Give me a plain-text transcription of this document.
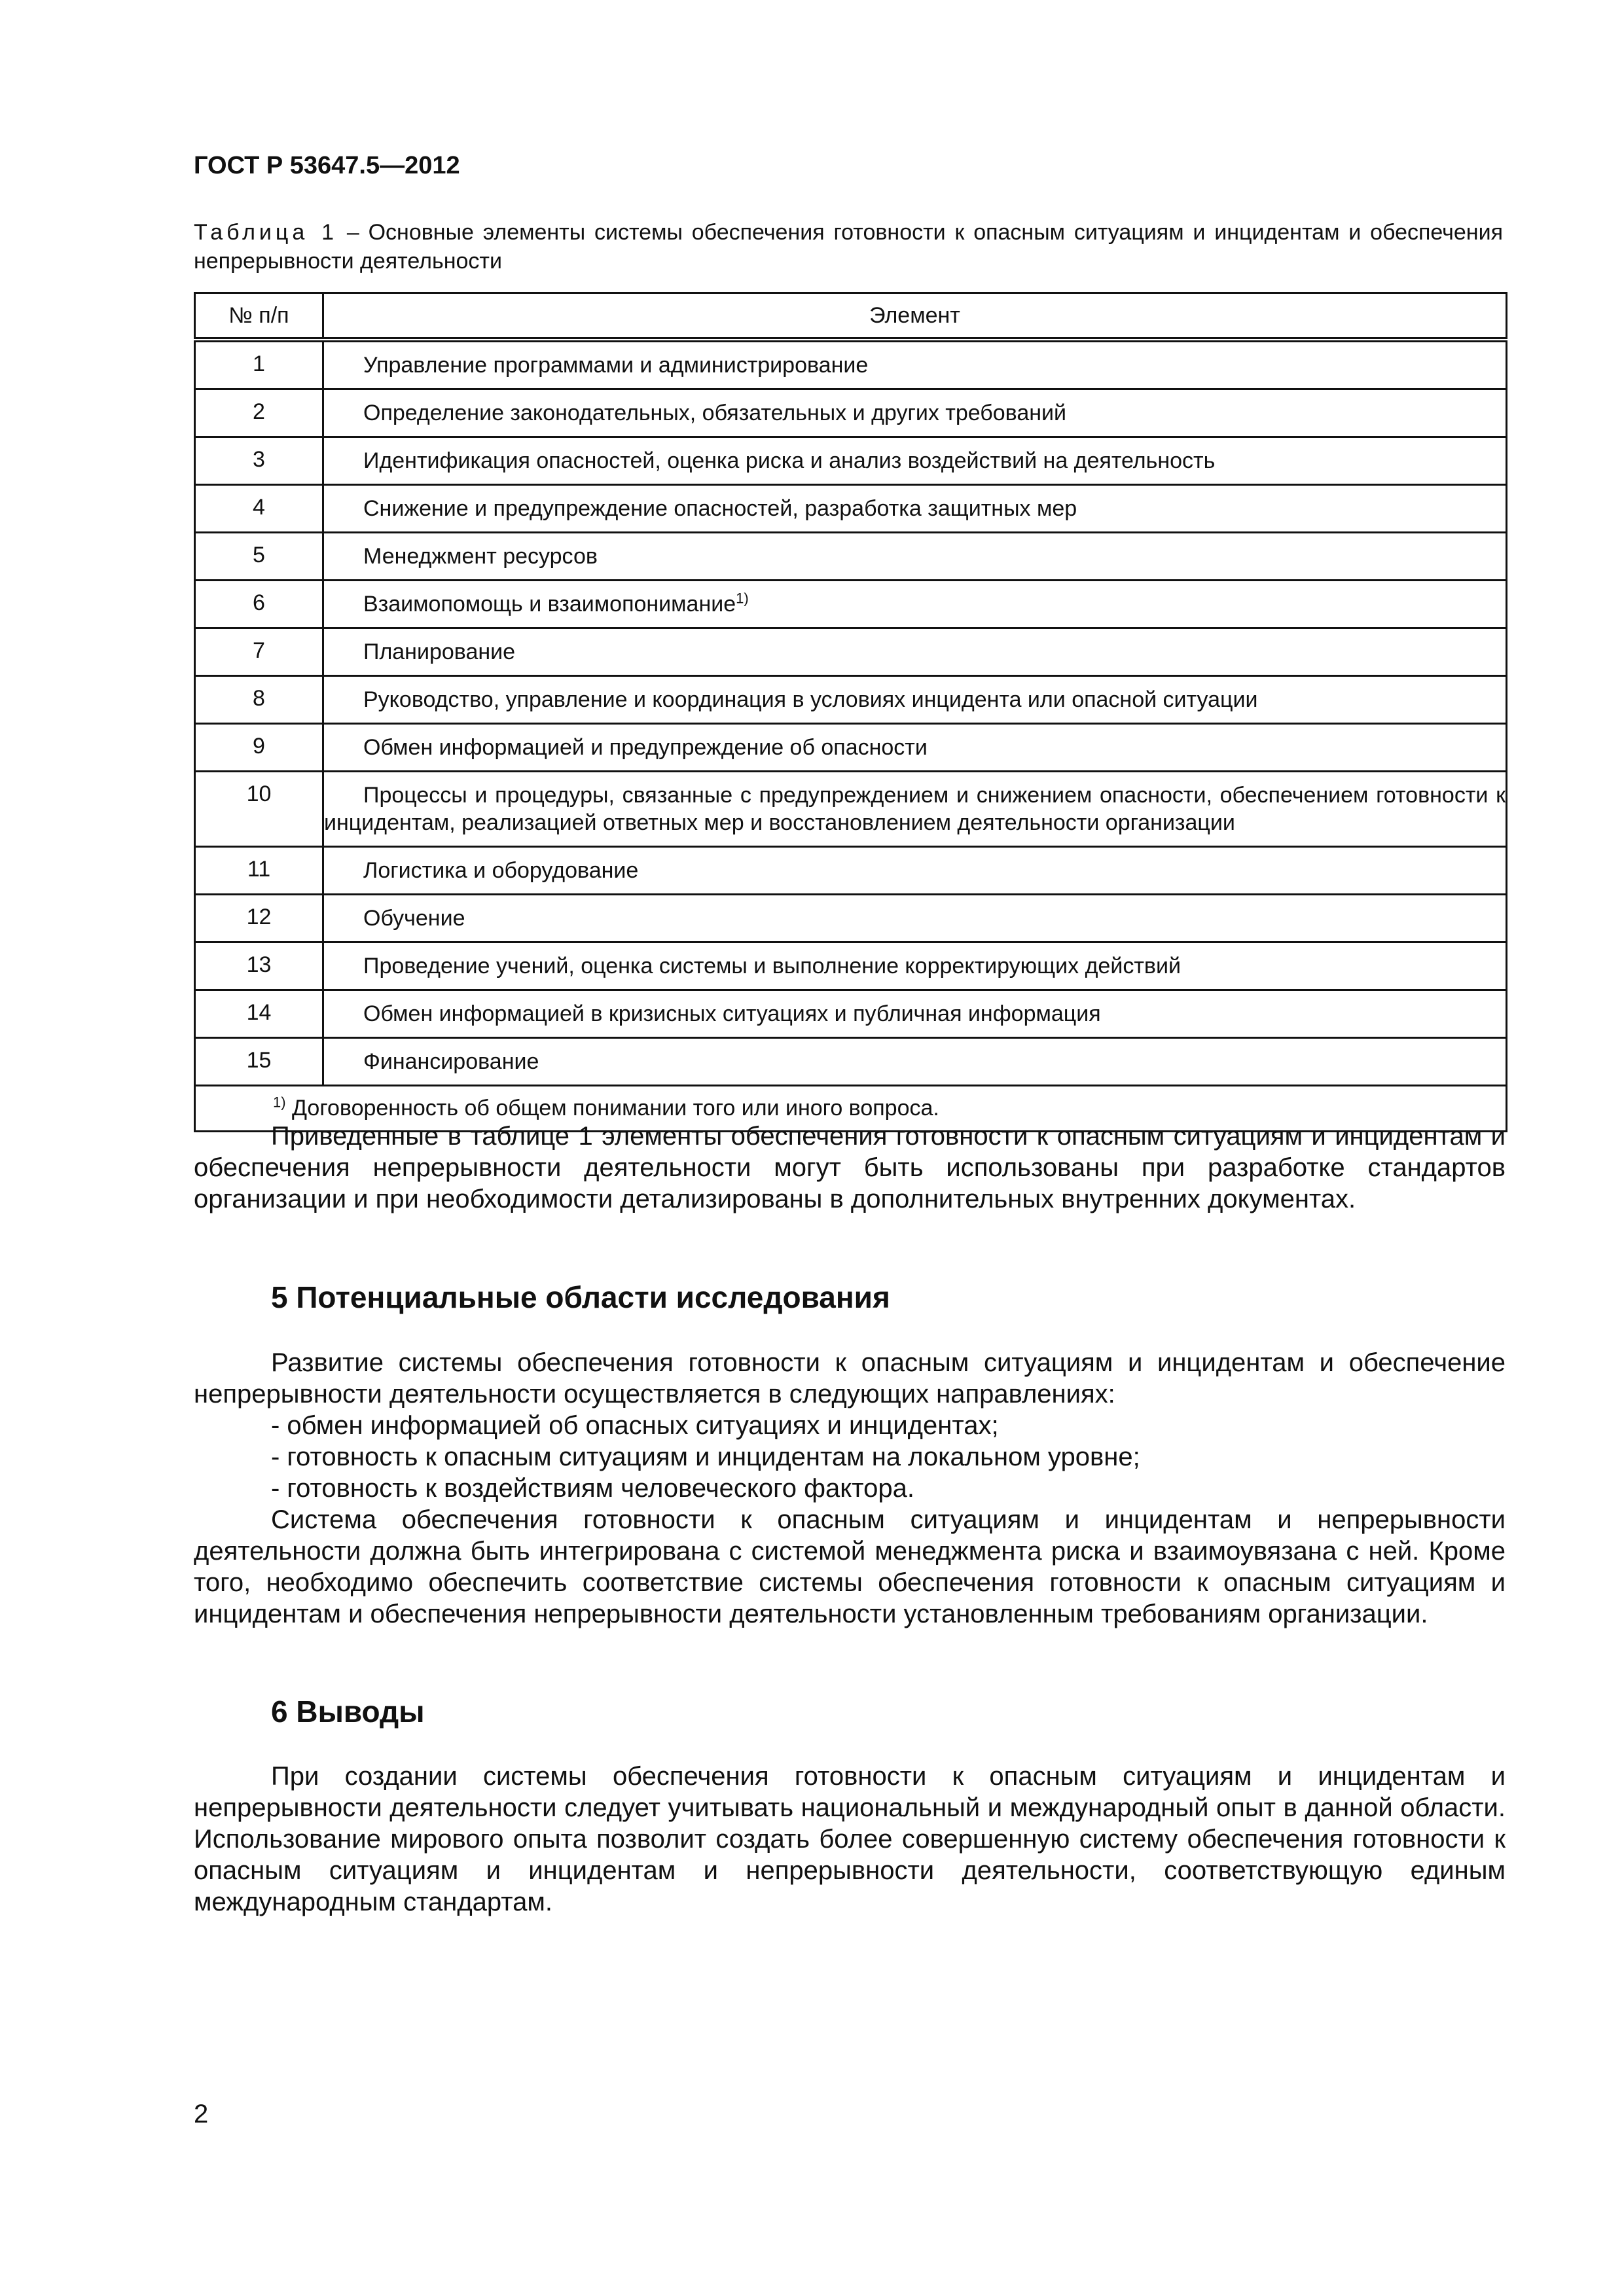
ГОСТ Р 53647.5—2012
Таблица 1 – Основные элементы системы обеспечения готовности к опасным ситуациям и инцидентам и обеспечения непрерывности деятельности
№ п/п	Элемент
1	Управление программами и администрирование
2	Определение законодательных, обязательных и других требований
3	Идентификация опасностей, оценка риска и анализ воздействий на деятельность
4	Снижение и предупреждение опасностей, разработка защитных мер
5	Менеджмент ресурсов
6	Взаимопомощь и взаимопонимание$^{1)}$
7	Планирование
8	Руководство, управление и координация в условиях инцидента или опасной ситуации
9	Обмен информацией и предупреждение об опасности
10	Процессы и процедуры, связанные с предупреждением и снижением опасности, обеспечением готовности к инцидентам, реализацией ответных мер и восстановлением деятельности организации
11	Логистика и оборудование
12	Обучение
13	Проведение учений, оценка системы и выполнение корректирующих действий
14	Обмен информацией в кризисных ситуациях и публичная информация
15	Финансирование
$^{1)}$ Договоренность об общем понимании того или иного вопроса.	

Приведенные в таблице 1 элементы обеспечения готовности к опасным ситуациям и инцидентам и обеспечения непрерывности деятельности могут быть использованы при разработке стандартов организации и при необходимости детализированы в дополнительных внутренних документах.

5 Потенциальные области исследования

Развитие системы обеспечения готовности к опасным ситуациям и инцидентам и обеспечение непрерывности деятельности осуществляется в следующих направлениях:

- обмен информацией об опасных ситуациях и инцидентах;

- готовность к опасным ситуациям и инцидентам на локальном уровне;

- готовность к воздействиям человеческого фактора.

Система обеспечения готовности к опасным ситуациям и инцидентам и непрерывности деятельности должна быть интегрирована с системой менеджмента риска и взаимоувязана с ней. Кроме того, необходимо обеспечить соответствие системы обеспечения готовности к опасным ситуациям и инцидентам и обеспечения непрерывности деятельности установленным требованиям организации.

6 Выводы

При создании системы обеспечения готовности к опасным ситуациям и инцидентам и непрерывности деятельности следует учитывать национальный и международный опыт в данной области. Использование мирового опыта позволит создать более совершенную систему обеспечения готовности к опасным ситуациям и инцидентам и непрерывности деятельности, соответствующую единым международным стандартам.

2
